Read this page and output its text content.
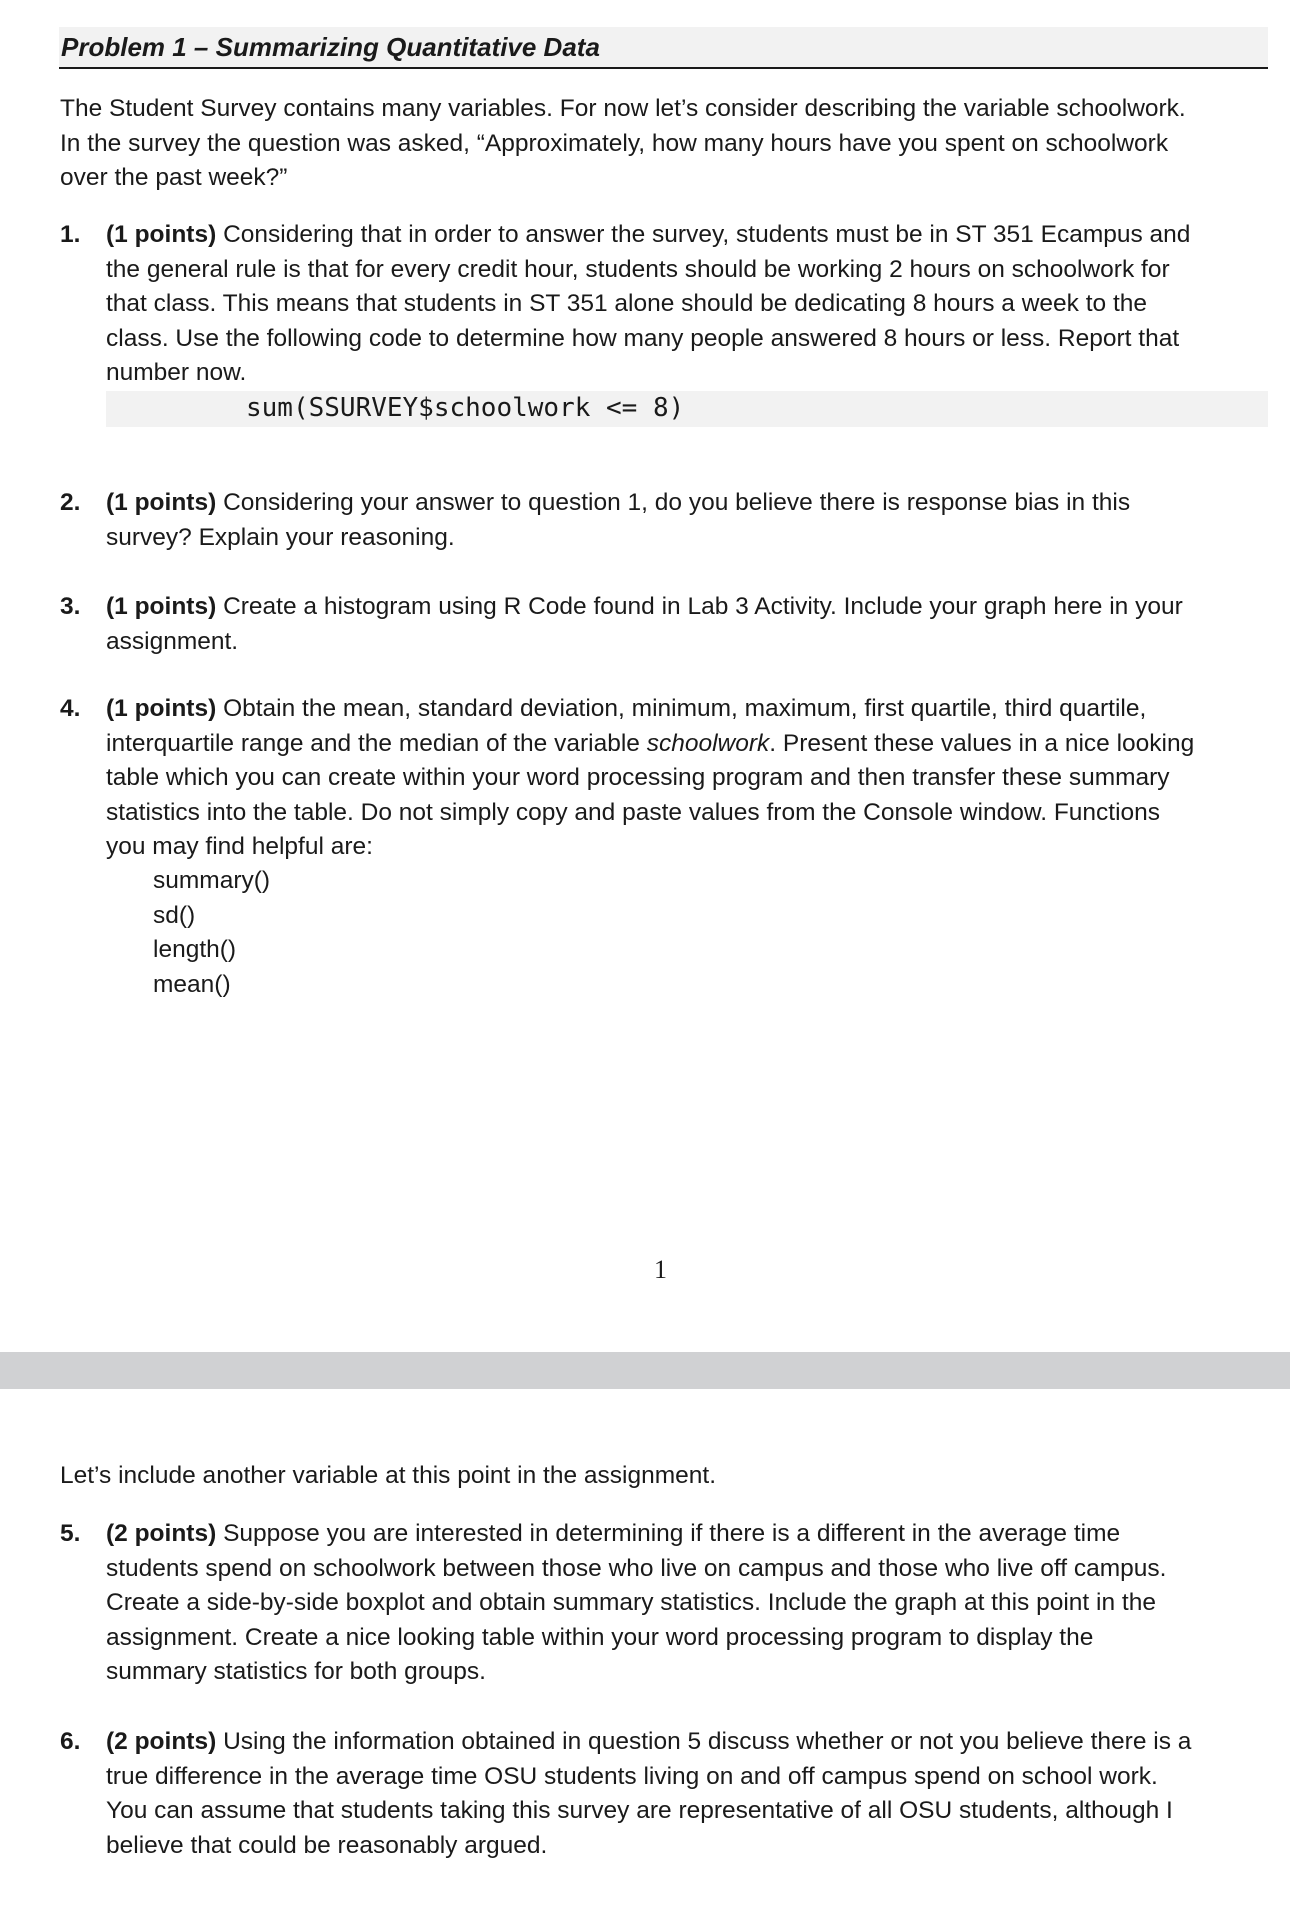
Problem 1 – Summarizing Quantitative Data
The Student Survey contains many variables. For now let’s consider describing the variable schoolwork.
In the survey the question was asked, “Approximately, how many hours have you spent on schoolwork
over the past week?”
1. (1 points) Considering that in order to answer the survey, students must be in ST 351 Ecampus and
the general rule is that for every credit hour, students should be working 2 hours on schoolwork for
that class. This means that students in ST 351 alone should be dedicating 8 hours a week to the
class. Use the following code to determine how many people answered 8 hours or less. Report that
number now.
sum(SSURVEY$schoolwork <= 8)
2. (1 points) Considering your answer to question 1, do you believe there is response bias in this
survey? Explain your reasoning.
3. (1 points) Create a histogram using R Code found in Lab 3 Activity. Include your graph here in your
assignment.
4. (1 points) Obtain the mean, standard deviation, minimum, maximum, first quartile, third quartile,
interquartile range and the median of the variable schoolwork. Present these values in a nice looking
table which you can create within your word processing program and then transfer these summary
statistics into the table. Do not simply copy and paste values from the Console window. Functions
you may find helpful are:
summary()
sd()
length()
mean()
1
Let’s include another variable at this point in the assignment.
5. (2 points) Suppose you are interested in determining if there is a different in the average time
students spend on schoolwork between those who live on campus and those who live off campus.
Create a side-by-side boxplot and obtain summary statistics. Include the graph at this point in the
assignment. Create a nice looking table within your word processing program to display the
summary statistics for both groups.
6. (2 points) Using the information obtained in question 5 discuss whether or not you believe there is a
true difference in the average time OSU students living on and off campus spend on school work.
You can assume that students taking this survey are representative of all OSU students, although I
believe that could be reasonably argued.
